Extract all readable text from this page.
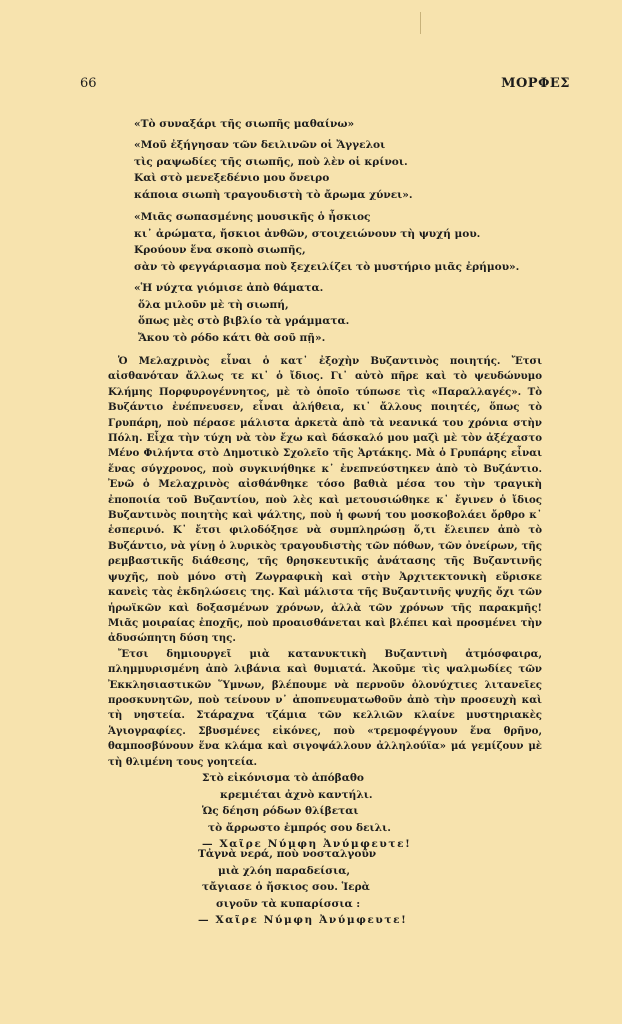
66	ΜΟΡΦΕΣ
«Τὸ συναξάρι τῆς σιωπῆς μαθαίνω»
«Μοῦ ἐξήγησαν τῶν δειλινῶν οἱ Ἄγγελοι
τὶς ραψωδίες τῆς σιωπῆς, ποὺ λὲν οἱ κρίνοι.
Καὶ στὸ μενεξεδένιο μου ὄνειρο
κάποια σιωπὴ τραγουδιστὴ τὸ ἄρωμα χύνει».
«Μιᾶς σωπασμένης μουσικῆς ὁ ἦσκιος
κι᾿ ἀρώματα, ἤσκιοι ἀνθῶν, στοιχειώνουν τὴ ψυχή μου.
Κρούουν ἕνα σκοπὸ σιωπῆς,
σὰν τὸ φεγγάριασμα ποὺ ξεχειλίζει τὸ μυστήριο μιᾶς ἐρήμου».
«Ἡ νύχτα γιόμισε ἀπὸ θάματα.
ὅλα μιλοῦν μὲ τὴ σιωπή,
ὅπως μὲς στὸ βιβλίο τὰ γράμματα.
Ἄκου τὸ ρόδο κάτι θὰ σοῦ πῇ».

Ὁ Μελαχρινὸς εἶναι ὁ κατ᾿ ἐξοχὴν Βυζαντινὸς ποιητής. Ἔτσι αἰσθανόταν ἄλλως τε κι᾿ ὁ ἴδιος. Γι᾿ αὐτὸ πῆρε καὶ τὸ ψευδώνυμο Κλήμης Πορφυρογέννητος, μὲ τὸ ὁποῖο τύπωσε τὶς «Παραλλαγές». Τὸ Βυζάντιο ἐνέπνευσεν, εἶναι ἀλήθεια, κι᾿ ἄλλους ποιητές, ὅπως τὸ Γρυπάρη, ποὺ πέρασε μάλιστα ἀρκετὰ ἀπὸ τὰ νεανικά του χρόνια στὴν Πόλη. Εἶχα τὴν τύχη νὰ τὸν ἔχω καὶ δάσκαλό μου μαζὶ μὲ τὸν ἀξέχαστο Μένο Φιλήντα στὸ Δημοτικὸ Σχολεῖο τῆς Ἀρτάκης. Μὰ ὁ Γρυπάρης εἶναι ἕνας σύγχρονος, ποὺ συγκινήθηκε κ᾿ ἐνεπνεύστηκεν ἀπὸ τὸ Βυζάντιο. Ἐνῶ ὁ Μελαχρινὸς αἰσθάνθηκε τόσο βαθιὰ μέσα του τὴν τραγικὴ ἐποποιία τοῦ Βυζαντίου, ποὺ λὲς καὶ μετουσιώθηκε κ᾿ ἔγινεν ὁ ἴδιος Βυζαντινὸς ποιητὴς καὶ ψάλτης, ποὺ ἡ φωνή του μοσκοβολάει ὄρθρο κ᾿ ἑσπερινό. Κ᾿ ἔτσι φιλοδόξησε νὰ συμπληρώσῃ ὅ,τι ἔλειπεν ἀπὸ τὸ Βυζάντιο, νὰ γίνῃ ὁ λυρικὸς τραγουδιστὴς τῶν πόθων, τῶν ὀνείρων, τῆς ρεμβαστικῆς διάθεσης, τῆς θρησκευτικῆς ἀνάτασης τῆς Βυζαντινῆς ψυχῆς, ποὺ μόνο στὴ Ζωγραφικὴ καὶ στὴν Ἀρχιτεκτονικὴ εὕρισκε κανεὶς τὰς ἐκδηλώσεις της. Καὶ μάλιστα τῆς Βυζαντινῆς ψυχῆς ὄχι τῶν ἡρωϊκῶν καὶ δοξασμένων χρόνων, ἀλλὰ τῶν χρόνων τῆς παρακμῆς! Μιᾶς μοιραίας ἐποχῆς, ποὺ προαισθάνεται καὶ βλέπει καὶ προσμένει τὴν ἀδυσώπητη δύση της.

Ἔτσι δημιουργεῖ μιὰ κατανυκτικὴ Βυζαντινὴ ἀτμόσφαιρα, πλημμυρισμένη ἀπὸ λιβάνια καὶ θυμιατά. Ἀκοῦμε τὶς ψαλμωδίες τῶν Ἐκκλησιαστικῶν Ὕμνων, βλέπουμε νὰ περνοῦν ὁλονύχτιες λιτανεῖες προσκυνητῶν, ποὺ τείνουν ν᾿ ἀποπνευματωθοῦν ἀπὸ τὴν προσευχὴ καὶ τὴ νηστεία. Στάραχνα τζάμια τῶν κελλιῶν κλαίνε μυστηριακὲς Ἁγιογραφίες. Σβυσμένες εἰκόνες, ποὺ «τρεμοφέγγουν ἕνα θρῆνο, θαμποσβύνουν ἕνα κλάμα καὶ σιγοψάλλουν ἀλληλούϊα» μά γεμίζουν μὲ τὴ θλιμένη τους γοητεία.

Στὸ εἰκόνισμα τὸ ἀπόβαθο
κρεμιέται ἀχνὸ καντήλι.
Ὡς δέηση ρόδων θλίβεται
τὸ ἄρρωστο ἐμπρός σου δειλι.
— Χαῖρε Νύμφη Ἀνύμφευτε!
Τἀγνὰ νερά, ποὺ νοσταλγοῦν
μιὰ χλόη παραδείσια,
τἄγιασε ὁ ἤσκιος σου. Ἱερὰ
σιγοῦν τὰ κυπαρίσσια :
— Χαῖρε Νύμφη Ἀνύμφευτε!
